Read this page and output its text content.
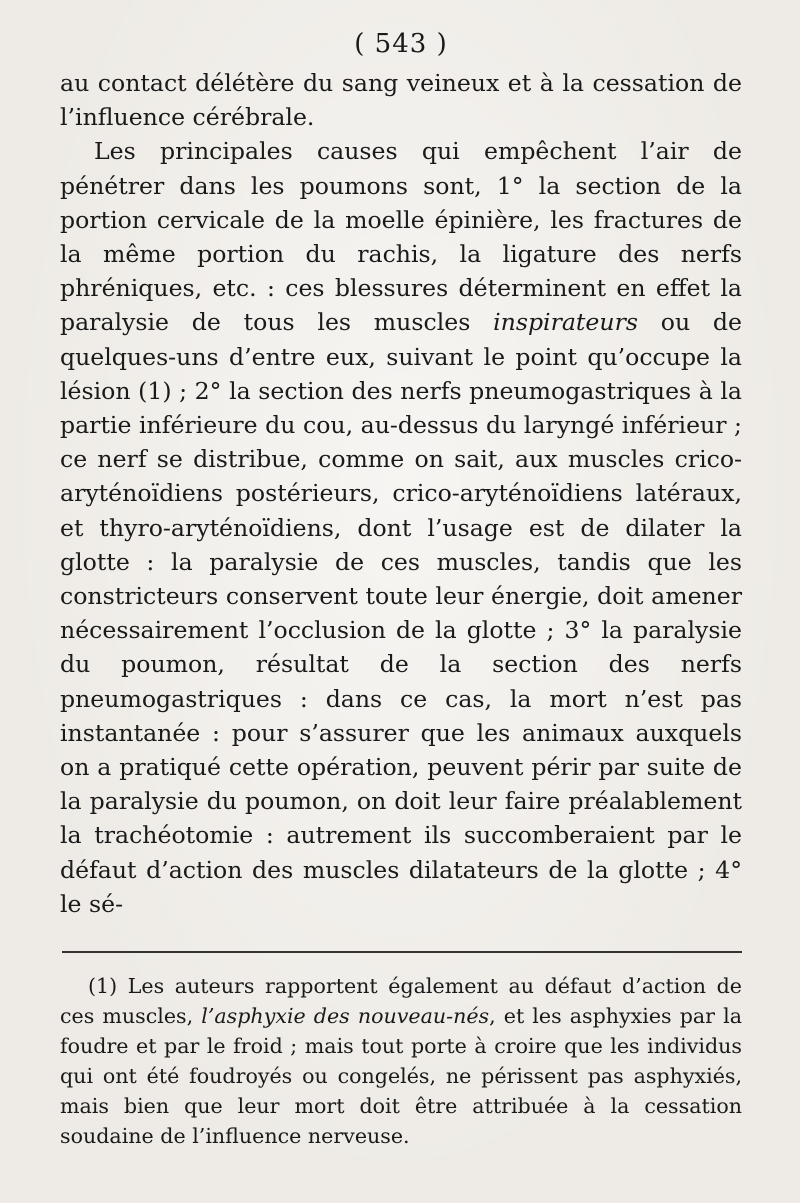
( 543 )

au contact délétère du sang veineux et à la cessation de l’influence cérébrale.

Les principales causes qui empêchent l’air de pénétrer dans les poumons sont, 1° la section de la portion cervicale de la moelle épinière, les fractures de la même portion du rachis, la ligature des nerfs phréniques, etc. : ces blessures déterminent en effet la paralysie de tous les muscles inspirateurs ou de quelques-uns d’entre eux, suivant le point qu’occupe la lésion (1) ; 2° la section des nerfs pneumogastriques à la partie inférieure du cou, au-dessus du laryngé inférieur ; ce nerf se distribue, comme on sait, aux muscles crico-aryténoïdiens postérieurs, crico-aryténoïdiens latéraux, et thyro-aryténoïdiens, dont l’usage est de dilater la glotte : la paralysie de ces muscles, tandis que les constricteurs conservent toute leur énergie, doit amener nécessairement l’occlusion de la glotte ; 3° la paralysie du poumon, résultat de la section des nerfs pneumogastriques : dans ce cas, la mort n’est pas instantanée : pour s’assurer que les animaux auxquels on a pratiqué cette opération, peuvent périr par suite de la paralysie du poumon, on doit leur faire préalablement la trachéotomie : autrement ils succomberaient par le défaut d’action des muscles dilatateurs de la glotte ; 4° le sé-

(1) Les auteurs rapportent également au défaut d’action de ces muscles, l’asphyxie des nouveau-nés, et les asphyxies par la foudre et par le froid ; mais tout porte à croire que les individus qui ont été foudroyés ou congelés, ne périssent pas asphyxiés, mais bien que leur mort doit être attribuée à la cessation soudaine de l’influence nerveuse.
